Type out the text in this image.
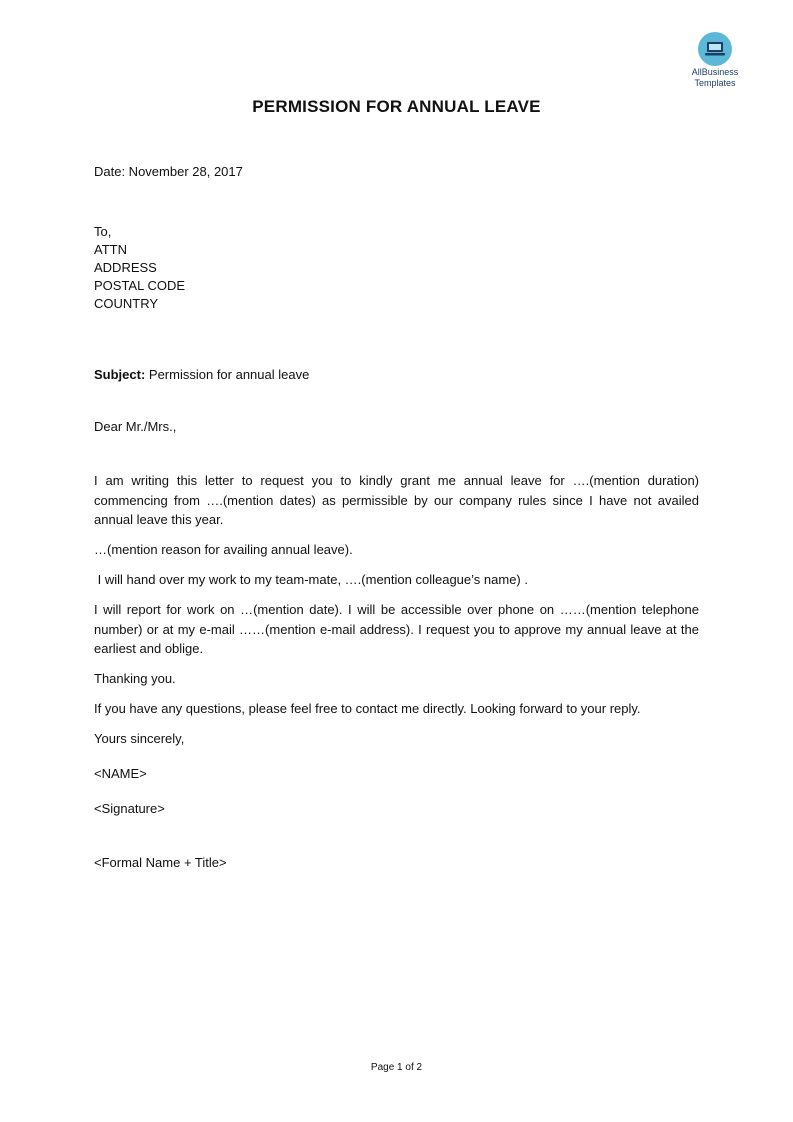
AllBusiness
Templates
PERMISSION FOR ANNUAL LEAVE
Date: November 28, 2017
To,
ATTN
ADDRESS
POSTAL CODE
COUNTRY
Subject: Permission for annual leave
Dear Mr./Mrs.,
I am writing this letter to request you to kindly grant me annual leave for ….(mention duration) commencing from ….(mention dates) as permissible by our company rules since I have not availed annual leave this year.
…(mention reason for availing annual leave).
I will hand over my work to my team-mate, ….(mention colleague’s name) .
I will report for work on …(mention date). I will be accessible over phone on ……(mention telephone number) or at my e-mail ……(mention e-mail address). I request you to approve my annual leave at the earliest and oblige.
Thanking you.
If you have any questions, please feel free to contact me directly. Looking forward to your reply.
Yours sincerely,
<NAME>
<Signature>
<Formal Name + Title>
Page 1 of 2
